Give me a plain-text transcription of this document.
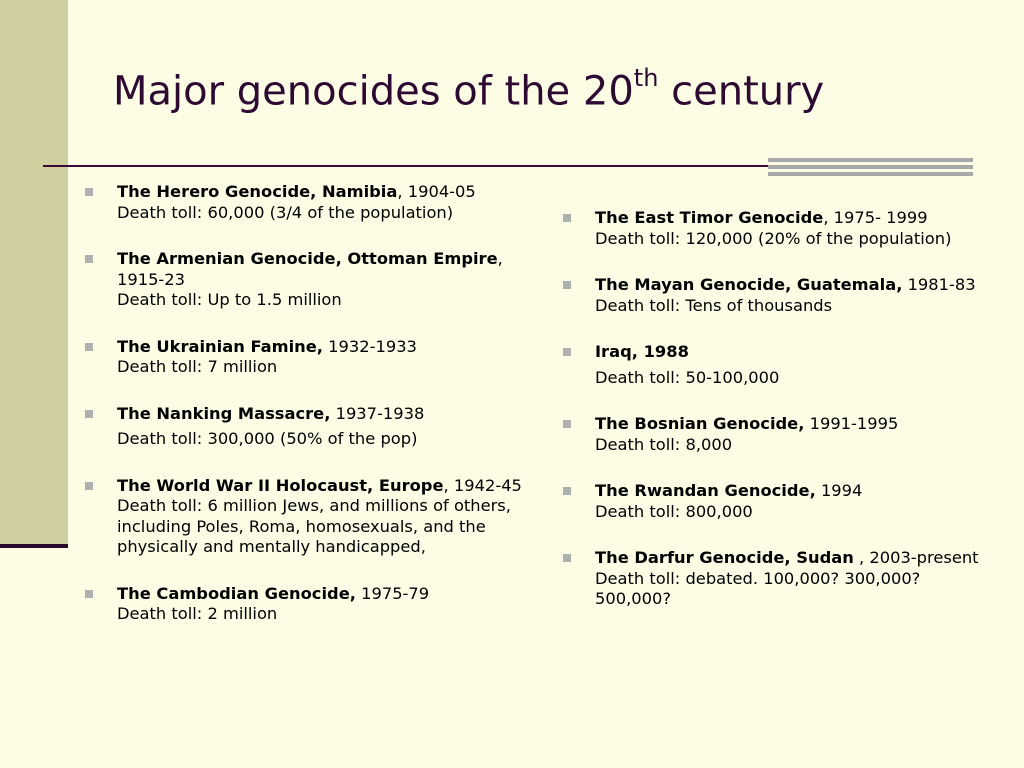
Major genocides of the 20th century
The Herero Genocide, Namibia, 1904-05
Death toll: 60,000 (3/4 of the population)
The Armenian Genocide, Ottoman Empire, 1915-23
Death toll: Up to 1.5 million
The Ukrainian Famine, 1932-1933
Death toll: 7 million
The Nanking Massacre, 1937-1938
Death toll: 300,000 (50% of the pop)
The World War II Holocaust, Europe, 1942-45
Death toll: 6 million Jews, and millions of others, including Poles, Roma, homosexuals, and the physically and mentally handicapped,
The Cambodian Genocide, 1975-79
Death toll: 2 million
The East Timor Genocide, 1975- 1999
Death toll: 120,000 (20% of the population)
The Mayan Genocide, Guatemala, 1981-83
Death toll: Tens of thousands
Iraq, 1988
Death toll: 50-100,000
The Bosnian Genocide, 1991-1995
Death toll: 8,000
The Rwandan Genocide, 1994
Death toll: 800,000
The Darfur Genocide, Sudan , 2003-present
Death toll: debated. 100,000? 300,000? 500,000?
